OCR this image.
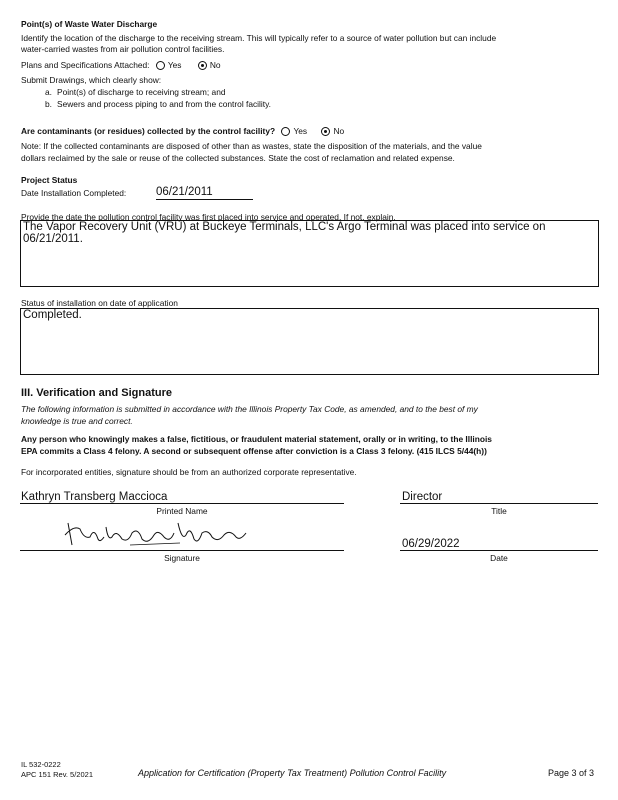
Point(s) of Waste Water Discharge
Identify the location of the discharge to the receiving stream. This will typically refer to a source of water pollution but can include
water-carried wastes from air pollution control facilities.
Plans and Specifications Attached: Yes	No
Submit Drawings, which clearly show:
a. Point(s) of discharge to receiving stream; and
b. Sewers and process piping to and from the control facility.
Are contaminants (or residues) collected by the control facility? Yes	No
Note: If the collected contaminants are disposed of other than as wastes, state the disposition of the materials, and the value
dollars reclaimed by the sale or reuse of the collected substances. State the cost of reclamation and related expense.
Project Status
Date Installation Completed:	06/21/2011
Provide the date the pollution control facility was first placed into service and operated. If not, explain.
The Vapor Recovery Unit (VRU) at Buckeye Terminals, LLC's Argo Terminal was placed into service on 06/21/2011.
Status of installation on date of application
Completed.
III. Verification and Signature
The following information is submitted in accordance with the Illinois Property Tax Code, as amended, and to the best of my
knowledge is true and correct.
Any person who knowingly makes a false, fictitious, or fraudulent material statement, orally or in writing, to the Illinois
EPA commits a Class 4 felony. A second or subsequent offense after conviction is a Class 3 felony. (415 ILCS 5/44(h))
For incorporated entities, signature should be from an authorized corporate representative.
Kathryn Transberg Maccioca
Printed Name
Director
Title
Signature
06/29/2022
Date
IL 532-0222
APC 151 Rev. 5/2021	Application for Certification (Property Tax Treatment) Pollution Control Facility	Page 3 of 3
